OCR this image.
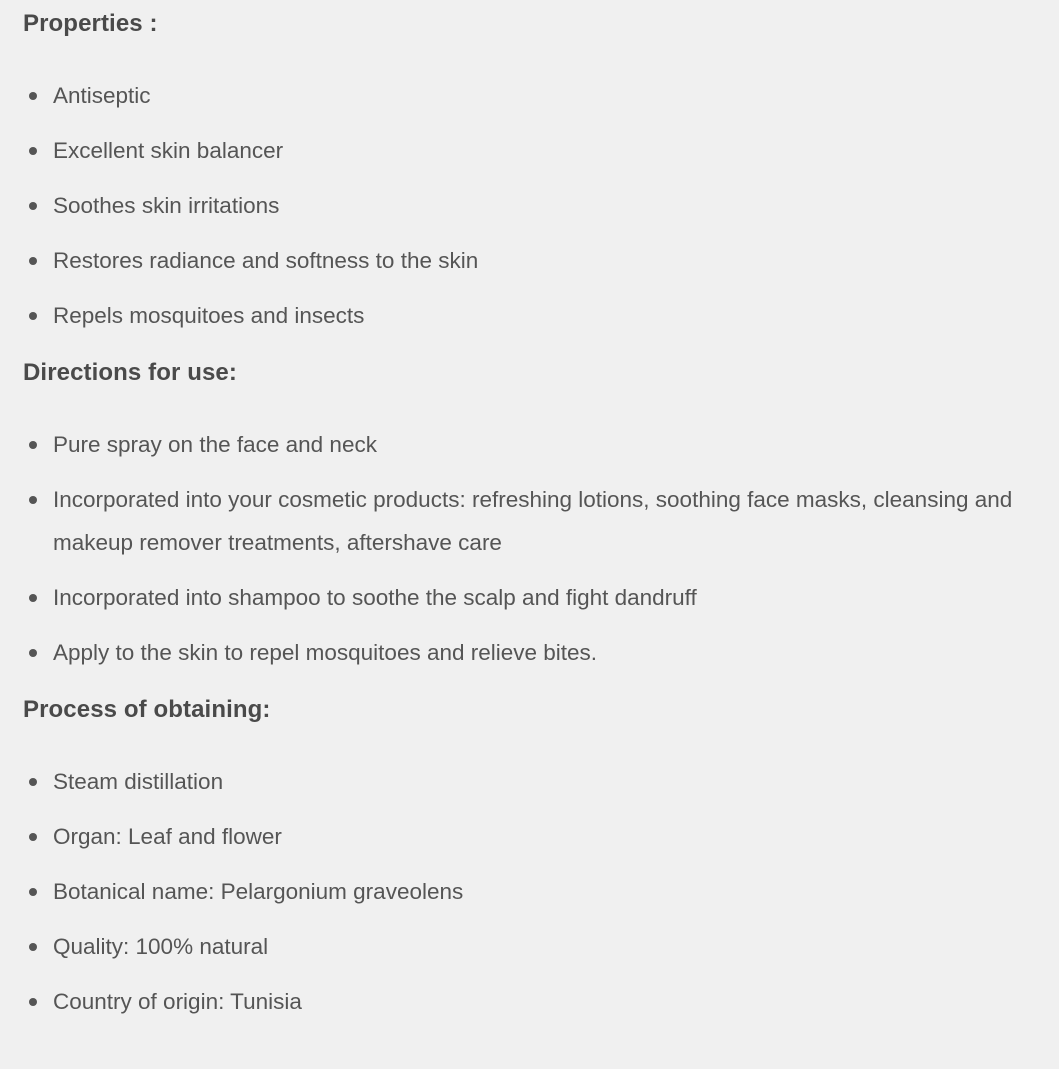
Properties :
Antiseptic
Excellent skin balancer
Soothes skin irritations
Restores radiance and softness to the skin
Repels mosquitoes and insects
Directions for use:
Pure spray on the face and neck
Incorporated into your cosmetic products: refreshing lotions, soothing face masks, cleansing and makeup remover treatments, aftershave care
Incorporated into shampoo to soothe the scalp and fight dandruff
Apply to the skin to repel mosquitoes and relieve bites.
Process of obtaining:
Steam distillation
Organ: Leaf and flower
Botanical name: Pelargonium graveolens
Quality: 100% natural
Country of origin: Tunisia
